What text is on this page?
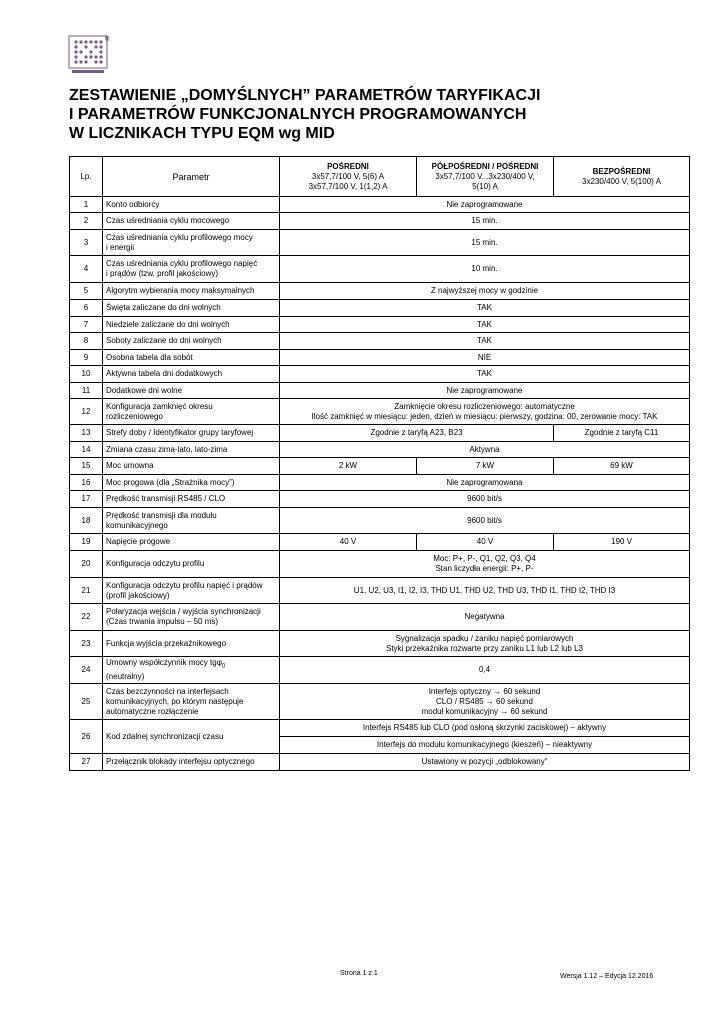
®
ZESTAWIENIE „DOMYŚLNYCH” PARAMETRÓW TARYFIKACJI
I PARAMETRÓW FUNKCJONALNYCH PROGRAMOWANYCH
W LICZNIKACH TYPU EQM wg MID
Lp.	Parametr	POŚREDNI
3x57,7/100 V, 5(6) A
3x57,7/100 V, 1(1,2) A	PÓŁPOŚREDNI / POŚREDNI
3x57,7/100 V...3x230/400 V,
5(10) A	BEZPOŚREDNI
3x230/400 V, 5(100) A

1	Konto odbiorcy	Nie zaprogramowane		
2	Czas uśredniania cyklu mocowego	15 min.		
3	Czas uśredniania cyklu profilowego mocy
i energii	15 min.		
4	Czas uśredniania cyklu profilowego napięć
i prądów (tzw. profil jakościowy)	10 min.		
5	Algorytm wybierania mocy maksymalnych	Z najwyższej mocy w godzinie		
6	Święta zaliczane do dni wolnych	TAK		
7	Niedziele zaliczane do dni wolnych	TAK		
8	Soboty zaliczane do dni wolnych	TAK		
9	Osobna tabela dla sobót	NIE		
10	Aktywna tabela dni dodatkowych	TAK		
11	Dodatkowe dni wolne	Nie zaprogramowane		
12	Konfiguracja zamknięć okresu
rozliczeniowego	Zamknięcie okresu rozliczeniowego: automatyczne
Ilość zamknięć w miesiącu: jeden, dzień w miesiącu: pierwszy, godzina: 00, zerowanie mocy: TAK		

13	Strefy doby / Identyfikator grupy taryfowej	Zgodnie z taryfą A23, B23		Zgodnie z taryfą C11
14	Zmiana czasu zima-lato, lato-zima	Aktywna		
15	Moc umowna	2 kW	7 kW	69 kW
16	Moc progowa (dla „Strażnika mocy”)	Nie zaprogramowana		
17	Prędkość transmisji RS485 / CLO	9600 bit/s		
18	Prędkość transmisji dla modułu
komunikacyjnego	9600 bit/s		
19	Napięcie progowe	40 V	40 V	190 V
20	Konfiguracja odczytu profilu	Moc: P+, P-, Q1, Q2, Q3, Q4
Stan liczydła energii: P+, P-		

21	Konfiguracja odczytu profilu napięć i prądów
(profil jakościowy)	U1, U2, U3, I1, I2, I3, THD U1, THD U2, THD U3, THD I1, THD I2, THD I3		
22	Polaryzacja wejścia / wyjścia synchronizacji
(Czas trwania impulsu – 50 ms)	Negatywna		
23	Funkcja wyjścia przekaźnikowego	Sygnalizacja spadku / zaniku napięć pomiarowych
Styki przekaźnika rozwarte przy zaniku L1 lub L2 lub L3		

24	Umowny współczynnik mocy tgφ$_0$
(neutralny)	0,4		
25	Czas bezczynności na interfejsach
komunikacyjnych, po którym następuje
automatyczne rozłączenie	Interfejs optyczny → 60 sekund
CLO / RS485 → 60 sekund
moduł komunikacyjny → 60 sekund		

26	Kod zdalnej synchronizacji czasu	Interfejs RS485 lub CLO (pod osłoną skrzynki zaciskowej) – aktywny		
		Interfejs do modułu komunikacyjnego (kieszeń) – nieaktywny		
27	Przełącznik blokady interfejsu optycznego	Ustawiony w pozycji „odblokowany”		
Strona 1 z 1	Wersja 1.12 – Edycja 12.2016
